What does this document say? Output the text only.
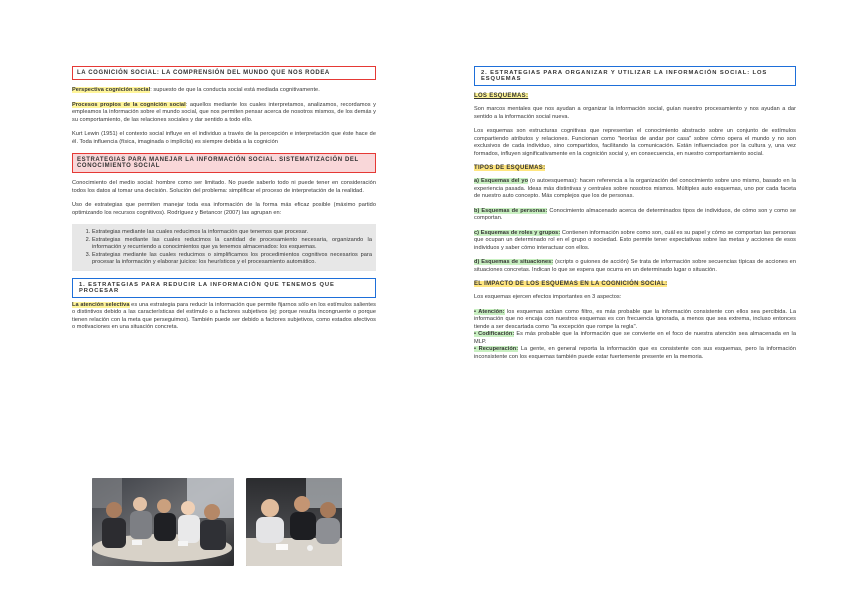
LA COGNICIÓN SOCIAL: LA COMPRENSIÓN DEL MUNDO QUE NOS RODEA

Perspectiva cognición social: supuesto de que la conducta social está mediada cognitivamente.

Procesos propios de la cognición social: aquellos mediante los cuales interpretamos, analizamos, recordamos y empleamos la información sobre el mundo social, que nos permiten pensar acerca de nosotros mismos, de los demás y su comportamiento, de las relaciones sociales y dar sentido a todo ello.

Kurt Lewin (1951) el contexto social influye en el individuo a través de la percepción e interpretación que éste hace de él. Toda influencia (física, imaginada o implícita) es siempre debida a la cognición

ESTRATEGIAS PARA MANEJAR LA INFORMACIÓN SOCIAL. SISTEMATIZACIÓN DEL CONOCIMIENTO SOCIAL

Conocimiento del medio social: hombre como ser limitado. No puede saberlo todo ni puede tener en consideración todos los datos al tomar una decisión. Solución del problema: simplificar el proceso de interpretación de la realidad.

Uso de estrategias que permiten manejar toda esa información de la forma más eficaz posible (máximo partido optimizando los recursos cognitivos). Rodríguez y Betancor (2007) las agrupan en:

1. Estrategias mediante las cuales reducimos la información que tenemos que procesar.
2. Estrategias mediante las cuales reducimos la cantidad de procesamiento necesaria, organizando la información y recurriendo a conocimientos que ya tenemos almacenados: los esquemas.
3. Estrategias mediante las cuales reducimos o simplificamos los procedimientos cognitivos necesarios para procesar la información y elaborar juicios: los heurísticos y el procesamiento automático.
1. ESTRATEGIAS PARA REDUCIR LA INFORMACIÓN QUE TENEMOS QUE PROCESAR

La atención selectiva es una estrategia para reducir la información que permite fijarnos sólo en los estímulos salientes o distintivos debido a las características del estímulo o a factores subjetivos (ej: porque resulta incongruente o porque tienen relación con la meta que perseguimos). También puede ser debido a factores subjetivos, como estados afectivos o motivaciones en una situación concreta.

2. ESTRATEGIAS PARA ORGANIZAR Y UTILIZAR LA INFORMACIÓN SOCIAL: LOS ESQUEMAS
LOS ESQUEMAS:

Son marcos mentales que nos ayudan a organizar la información social, guían nuestro procesamiento y nos ayudan a dar sentido a la información social nueva.

Los esquemas son estructuras cognitivas que representan el conocimiento abstracto sobre un conjunto de estímulos compartiendo atributos y relaciones. Funcionan como "teorías de andar por casa" sobre cómo opera el mundo y no son exclusivos de cada individuo, sino compartidos, facilitando la comunicación. Están influenciados por la cultura y, una vez formados, influyen significativamente en la cognición social y, en consecuencia, en nuestro comportamiento social.

TIPOS DE ESQUEMAS:

a) Esquemas del yo (o autoesquemas): hacen referencia a la organización del conocimiento sobre uno mismo, basado en la experiencia pasada. Ideas más distintivas y centrales sobre nosotros mismos. Múltiples auto esquemas, uno por cada faceta de nuestro auto concepto. Más complejos que los de personas.

b) Esquemas de personas: Conocimiento almacenado acerca de determinados tipos de individuos, de cómo son y como se comportan.

c) Esquemas de roles y grupos: Contienen información sobre como son, cuál es su papel y cómo se comportan las personas que ocupan un determinado rol en el grupo o sociedad. Esto permite tener expectativas sobre las metas y acciones de esos individuos y saber cómo interactuar con ellos.

d) Esquemas de situaciones: (scripts o guiones de acción) Se trata de información sobre secuencias típicas de acciones en situaciones concretas. Indican lo que se espera que ocurra en un determinado lugar o situación.

EL IMPACTO DE LOS ESQUEMAS EN LA COGNICIÓN SOCIAL:

Los esquemas ejercen efectos importantes en 3 aspectos:

• Atención: los esquemas actúan como filtro, es más probable que la información consistente con ellos sea percibida. La información que no encaja con nuestros esquemas es con frecuencia ignorada, a menos que sea extrema, incluso entonces tiende a ser descartada como "la excepción que rompe la regla".

• Codificación: Es más probable que la información que se convierte en el foco de nuestra atención sea almacenada en la MLP.

• Recuperación: La gente, en general reporta la información que es consistente con sus esquemas, pero la información inconsistente con los esquemas también puede estar fuertemente presente en la memoria.
